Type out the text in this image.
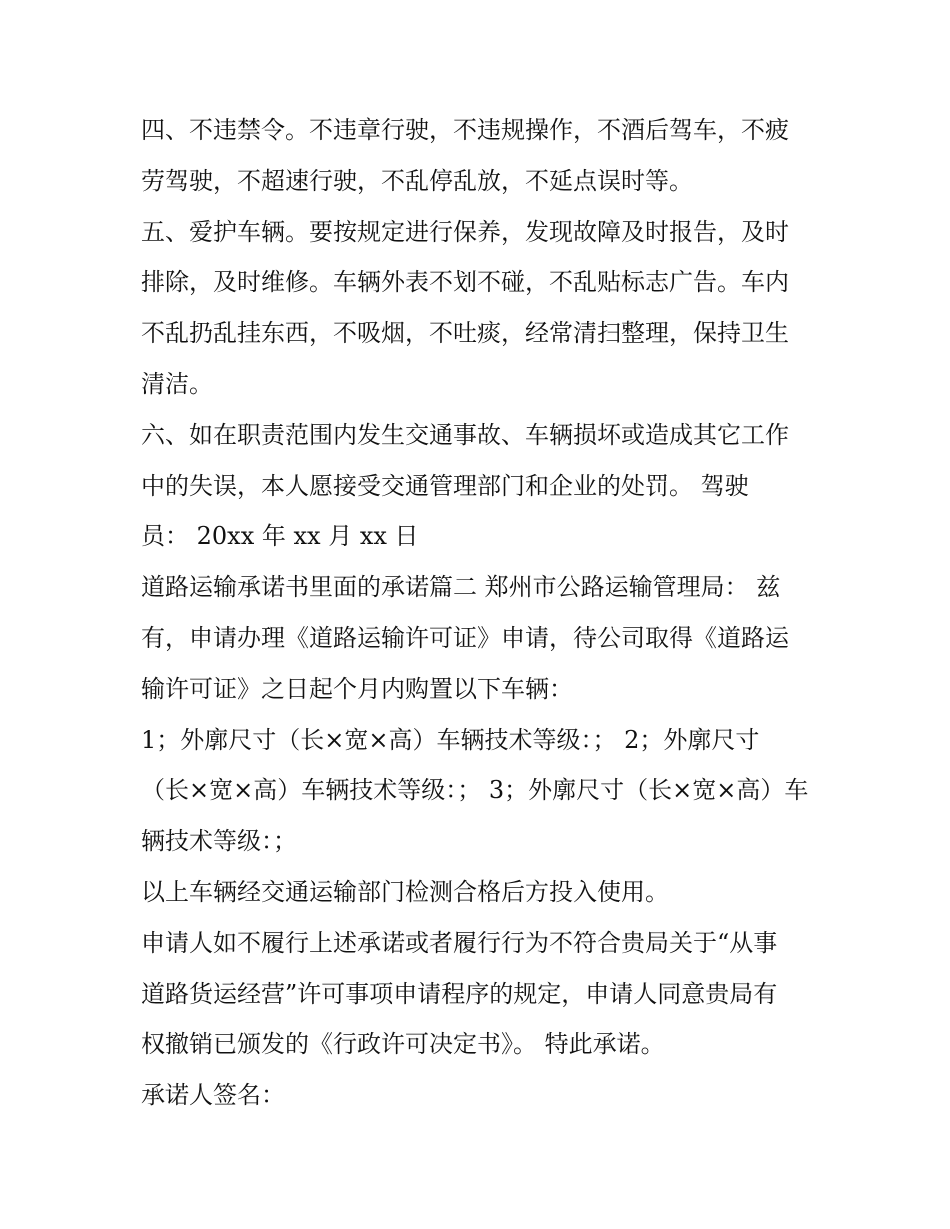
四、不违禁令。不违章行驶，不违规操作，不酒后驾车，不疲
劳驾驶，不超速行驶，不乱停乱放，不延点误时等。

五、爱护车辆。要按规定进行保养，发现故障及时报告，及时
排除，及时维修。车辆外表不划不碰，不乱贴标志广告。车内
不乱扔乱挂东西，不吸烟，不吐痰，经常清扫整理，保持卫生
清洁。

六、如在职责范围内发生交通事故、车辆损坏或造成其它工作
中的失误，本人愿接受交通管理部门和企业的处罚。 驾驶
员： 20xx 年 xx 月 xx 日

道路运输承诺书里面的承诺篇二 郑州市公路运输管理局： 兹
有，申请办理《道路运输许可证》申请，待公司取得《道路运
输许可证》之日起个月内购置以下车辆：

1；外廓尺寸（长×宽×高）车辆技术等级：； 2；外廓尺寸
（长×宽×高）车辆技术等级：； 3；外廓尺寸（长×宽×高）车
辆技术等级：；

以上车辆经交通运输部门检测合格后方投入使用。

申请人如不履行上述承诺或者履行行为不符合贵局关于“从事
道路货运经营”许可事项申请程序的规定，申请人同意贵局有
权撤销已颁发的《行政许可决定书》。 特此承诺。

承诺人签名：
